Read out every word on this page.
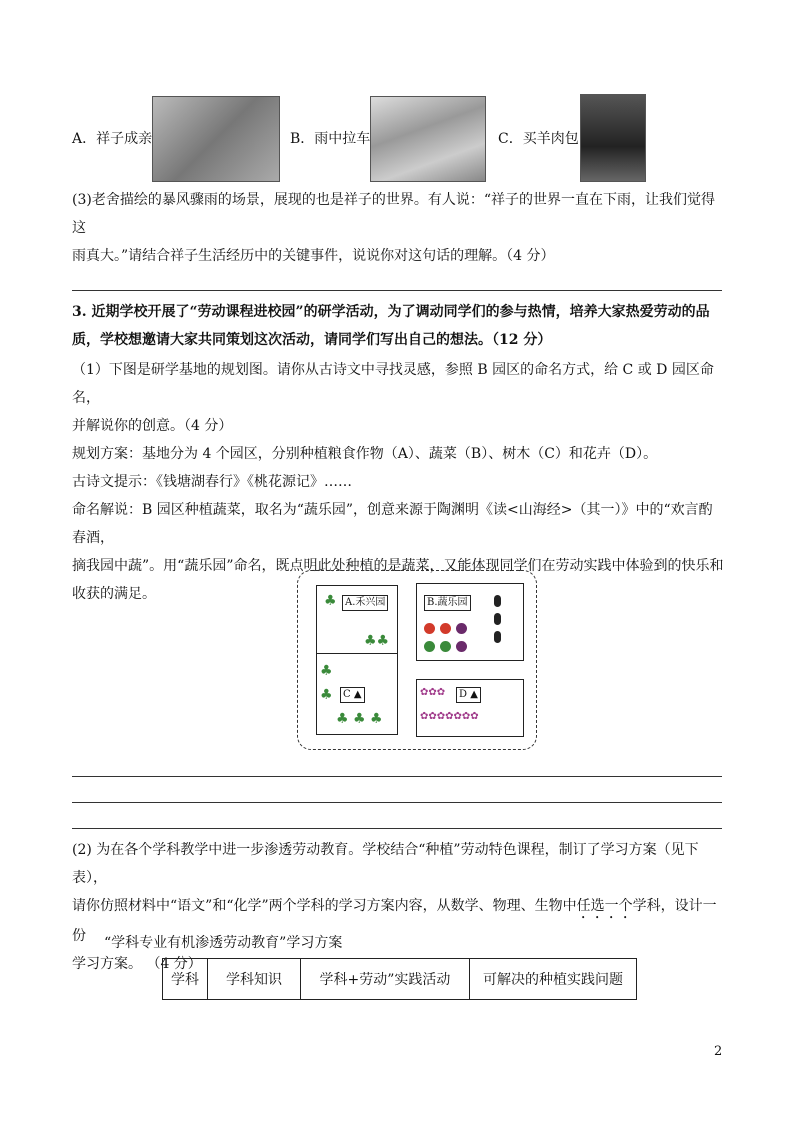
A．祥子成亲	B．雨中拉车	C．买羊肉包
(3)老舍描绘的暴风骤雨的场景，展现的也是祥子的世界。有人说：“祥子的世界一直在下雨，让我们觉得这
雨真大。”请结合祥子生活经历中的关键事件，说说你对这句话的理解。（4 分）
3. 近期学校开展了“劳动课程进校园”的研学活动，为了调动同学们的参与热情，培养大家热爱劳动的品
质，学校想邀请大家共同策划这次活动，请同学们写出自己的想法。（12 分）
（1）下图是研学基地的规划图。请你从古诗文中寻找灵感，参照 B 园区的命名方式，给 C 或 D 园区命名，
并解说你的创意。（4 分）
规划方案：基地分为 4 个园区，分别种植粮食作物（A）、蔬菜（B）、树木（C）和花卉（D）。
古诗文提示：《钱塘湖春行》《桃花源记》……
命名解说：B 园区种植蔬菜，取名为“蔬乐园”，创意来源于陶渊明《读<山海经>（其一）》中的“欢言酌春酒，
摘我园中蔬”。用“蔬乐园”命名，既点明此处种植的是蔬菜，又能体现同学们在劳动实践中体验到的快乐和
收获的满足。
A.禾兴园
♣
♣♣
B.蔬乐园
C ▲
♣
♣
♣ ♣ ♣
D ▲
✿✿✿
✿✿✿✿✿✿✿
(2) 为在各个学科教学中进一步渗透劳动教育。学校结合“种植”劳动特色课程，制订了学习方案（见下表），
请你仿照材料中“语文”和“化学”两个学科的学习方案内容，从数学、物理、生物中任选一个学科，设计一份
学习方案。 （4 分）
“学科专业有机渗透劳动教育”学习方案
学科	学科知识	学科+劳动”实践活动	可解决的种植实践问题
2
